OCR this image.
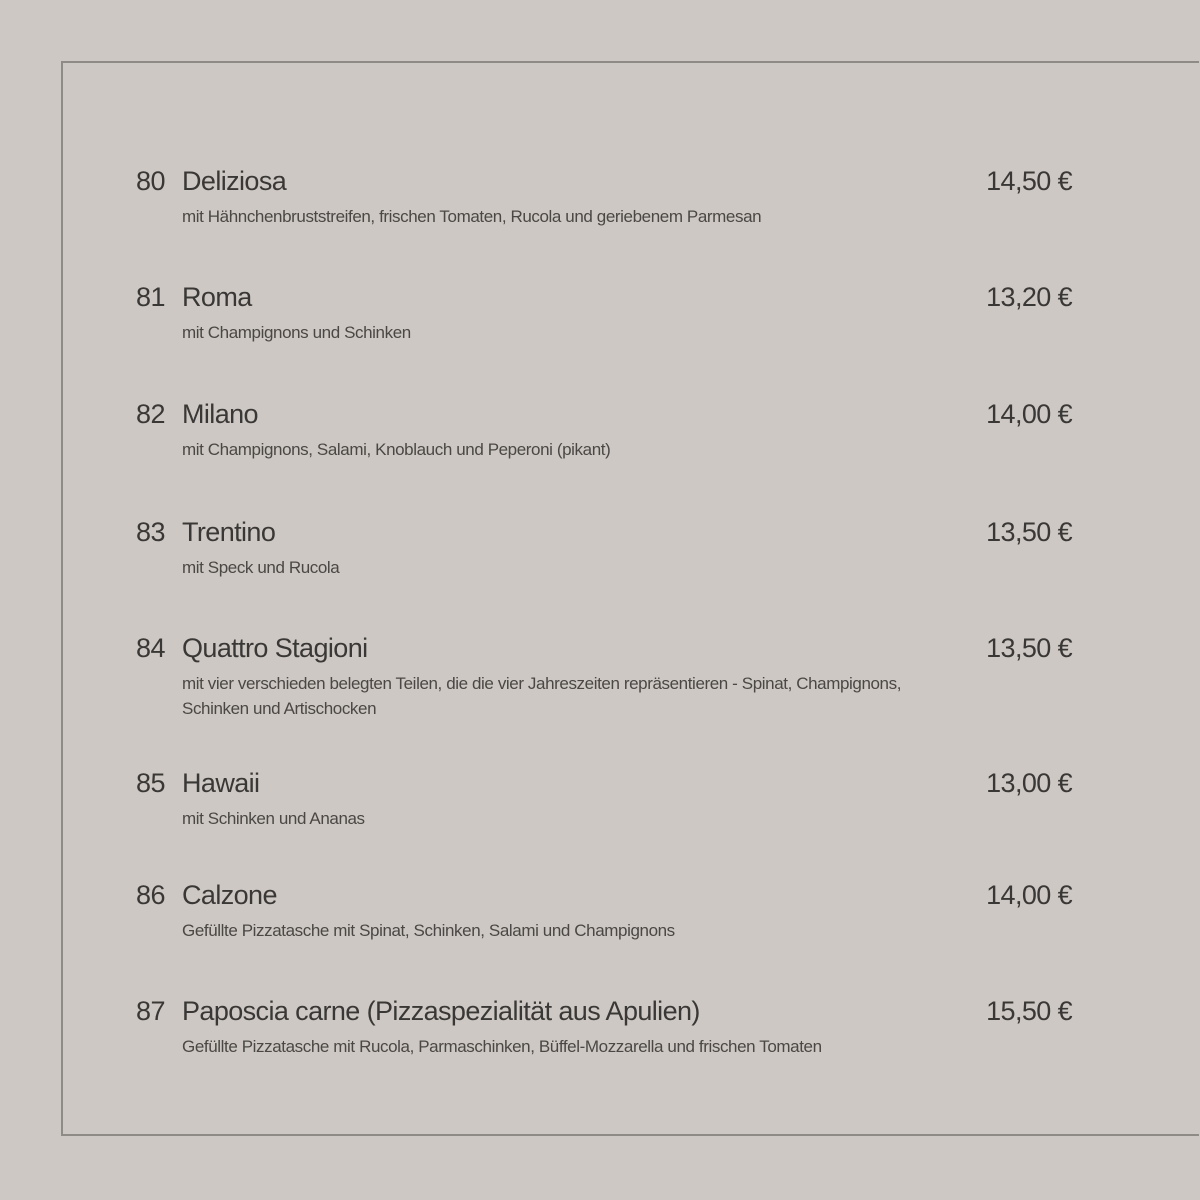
80 Deliziosa
mit Hähnchenbruststreifen, frischen Tomaten, Rucola und geriebenem Parmesan
14,50 €
81 Roma
mit Champignons und Schinken
13,20 €
82 Milano
mit Champignons, Salami, Knoblauch und Peperoni (pikant)
14,00 €
83 Trentino
mit Speck und Rucola
13,50 €
84 Quattro Stagioni
mit vier verschieden belegten Teilen, die die vier Jahreszeiten repräsentieren - Spinat, Champignons, Schinken und Artischocken
13,50 €
85 Hawaii
mit Schinken und Ananas
13,00 €
86 Calzone
Gefüllte Pizzatasche mit Spinat, Schinken, Salami und Champignons
14,00 €
87 Paposcia carne (Pizzaspezialität aus Apulien)
Gefüllte Pizzatasche mit Rucola, Parmaschinken, Büffel-Mozzarella und frischen Tomaten
15,50 €
